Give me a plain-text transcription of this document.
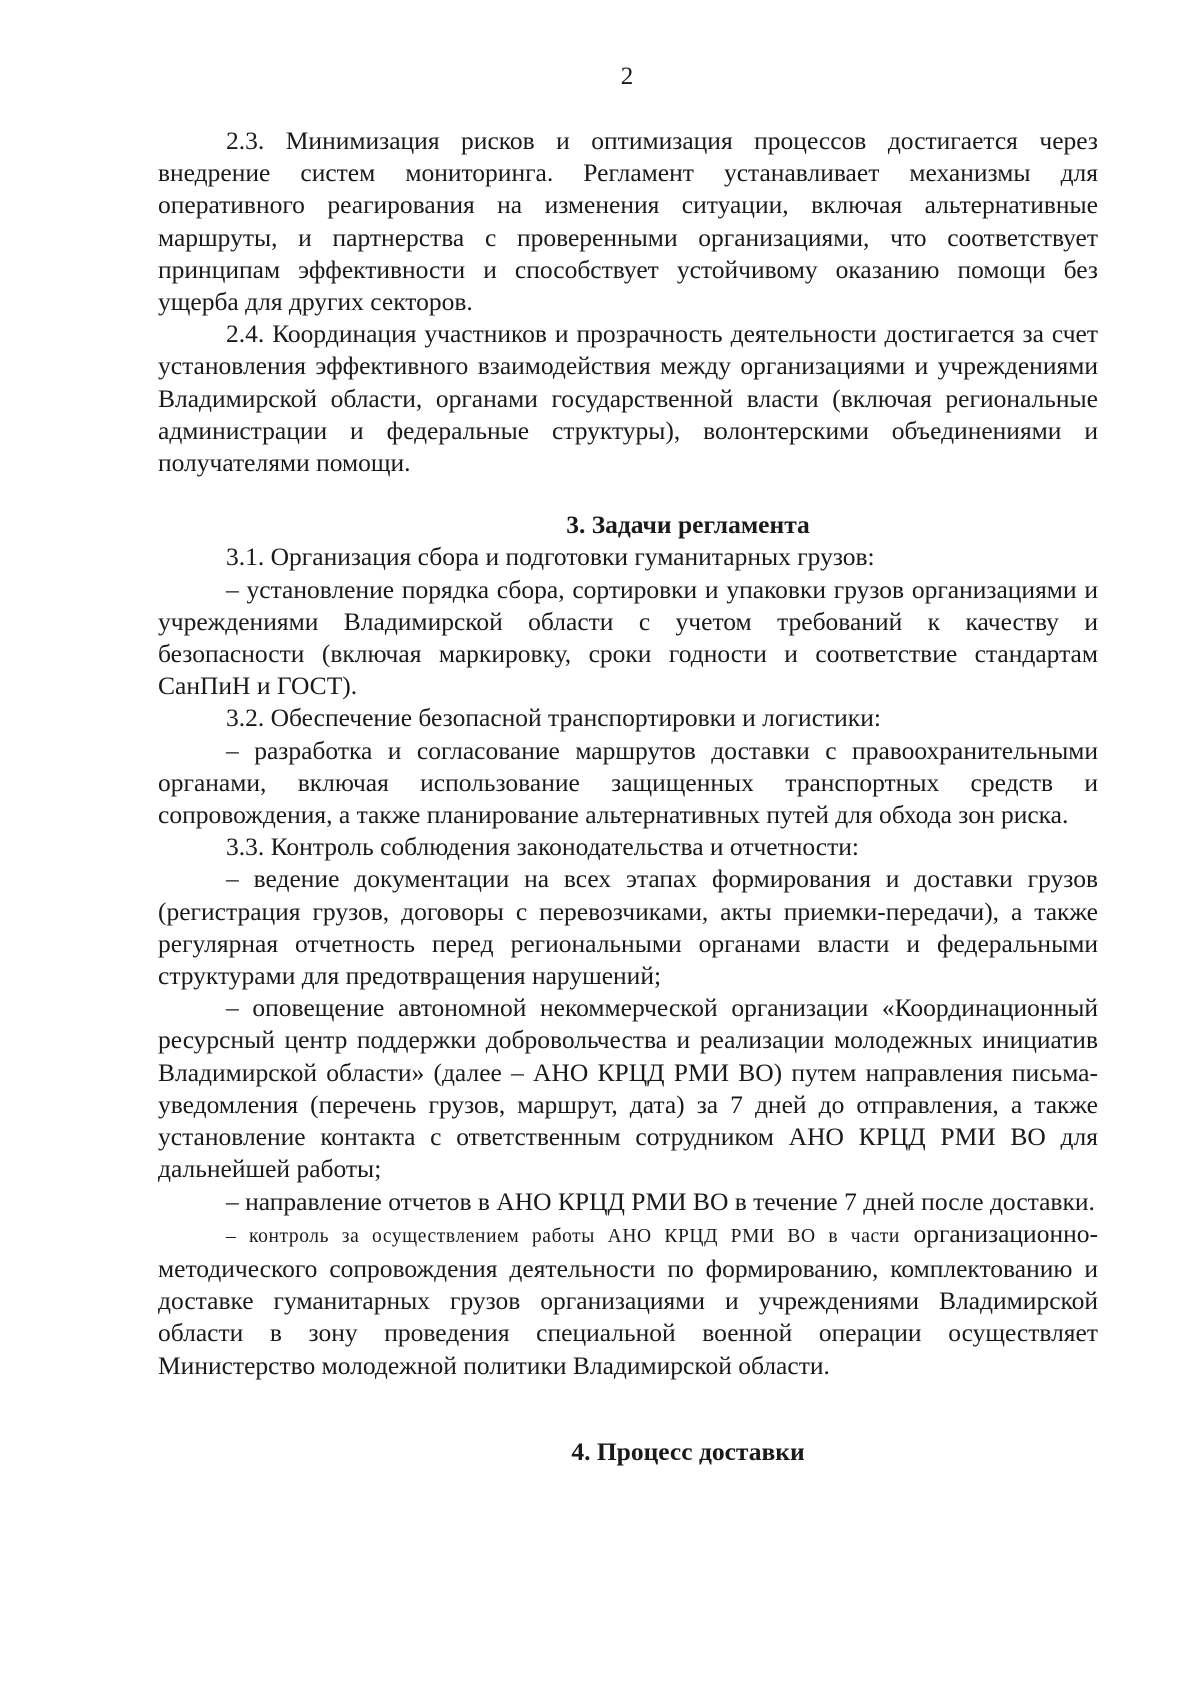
2

2.3. Минимизация рисков и оптимизация процессов достигается через внедрение систем мониторинга. Регламент устанавливает механизмы для оперативного реагирования на изменения ситуации, включая альтернативные маршруты, и партнерства с проверенными организациями, что соответствует принципам эффективности и способствует устойчивому оказанию помощи без ущерба для других секторов.

2.4. Координация участников и прозрачность деятельности достигается за счет установления эффективного взаимодействия между организациями и учреждениями Владимирской области, органами государственной власти (включая региональные администрации и федеральные структуры), волонтерскими объединениями и получателями помощи.

3. Задачи регламента

3.1. Организация сбора и подготовки гуманитарных грузов:

– установление порядка сбора, сортировки и упаковки грузов организациями и учреждениями Владимирской области с учетом требований к качеству и безопасности (включая маркировку, сроки годности и соответствие стандартам СанПиН и ГОСТ).

3.2. Обеспечение безопасной транспортировки и логистики:

– разработка и согласование маршрутов доставки с правоохранительными органами, включая использование защищенных транспортных средств и сопровождения, а также планирование альтернативных путей для обхода зон риска.

3.3. Контроль соблюдения законодательства и отчетности:

– ведение документации на всех этапах формирования и доставки грузов (регистрация грузов, договоры с перевозчиками, акты приемки-передачи), а также регулярная отчетность перед региональными органами власти и федеральными структурами для предотвращения нарушений;

– оповещение автономной некоммерческой организации «Координационный ресурсный центр поддержки добровольчества и реализации молодежных инициатив Владимирской области» (далее – АНО КРЦД РМИ ВО) путем направления письма-уведомления (перечень грузов, маршрут, дата) за 7 дней до отправления, а также установление контакта с ответственным сотрудником АНО КРЦД РМИ ВО для дальнейшей работы;

– направление отчетов в АНО КРЦД РМИ ВО в течение 7 дней после доставки.

– контроль за осуществлением работы АНО КРЦД РМИ ВО в части организационно-методического сопровождения деятельности по формированию, комплектованию и доставке гуманитарных грузов организациями и учреждениями Владимирской области в зону проведения специальной военной операции осуществляет Министерство молодежной политики Владимирской области.

4. Процесс доставки
